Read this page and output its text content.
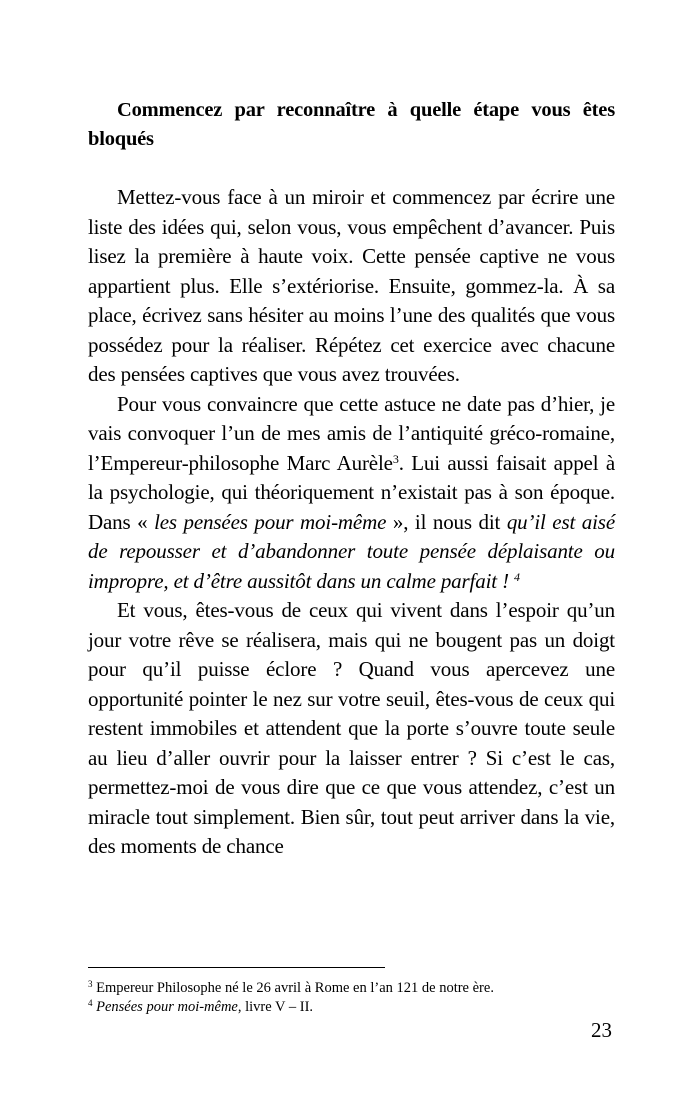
Commencez par reconnaître à quelle étape vous êtes bloqués

Mettez-vous face à un miroir et commencez par écrire une liste des idées qui, selon vous, vous empêchent d’avancer. Puis lisez la première à haute voix. Cette pensée captive ne vous appartient plus. Elle s’extériorise. Ensuite, gommez-la. À sa place, écrivez sans hésiter au moins l’une des qualités que vous possédez pour la réaliser. Répétez cet exercice avec chacune des pensées captives que vous avez trouvées.

Pour vous convaincre que cette astuce ne date pas d’hier, je vais convoquer l’un de mes amis de l’antiquité gréco-romaine, l’Empereur-philosophe Marc Aurèle$^3$. Lui aussi faisait appel à la psychologie, qui théoriquement n’existait pas à son époque. Dans « les pensées pour moi-même », il nous dit qu’il est aisé de repousser et d’abandonner toute pensée déplaisante ou impropre, et d’être aussitôt dans un calme parfait ! $^4$

Et vous, êtes-vous de ceux qui vivent dans l’espoir qu’un jour votre rêve se réalisera, mais qui ne bougent pas un doigt pour qu’il puisse éclore ? Quand vous apercevez une opportunité pointer le nez sur votre seuil, êtes-vous de ceux qui restent immobiles et attendent que la porte s’ouvre toute seule au lieu d’aller ouvrir pour la laisser entrer ? Si c’est le cas, permettez-moi de vous dire que ce que vous attendez, c’est un miracle tout simplement. Bien sûr, tout peut arriver dans la vie, des moments de chance

$^3$ Empereur Philosophe né le 26 avril à Rome en l’an 121 de notre ère.

$^4$ Pensées pour moi-même, livre V – II.

23
